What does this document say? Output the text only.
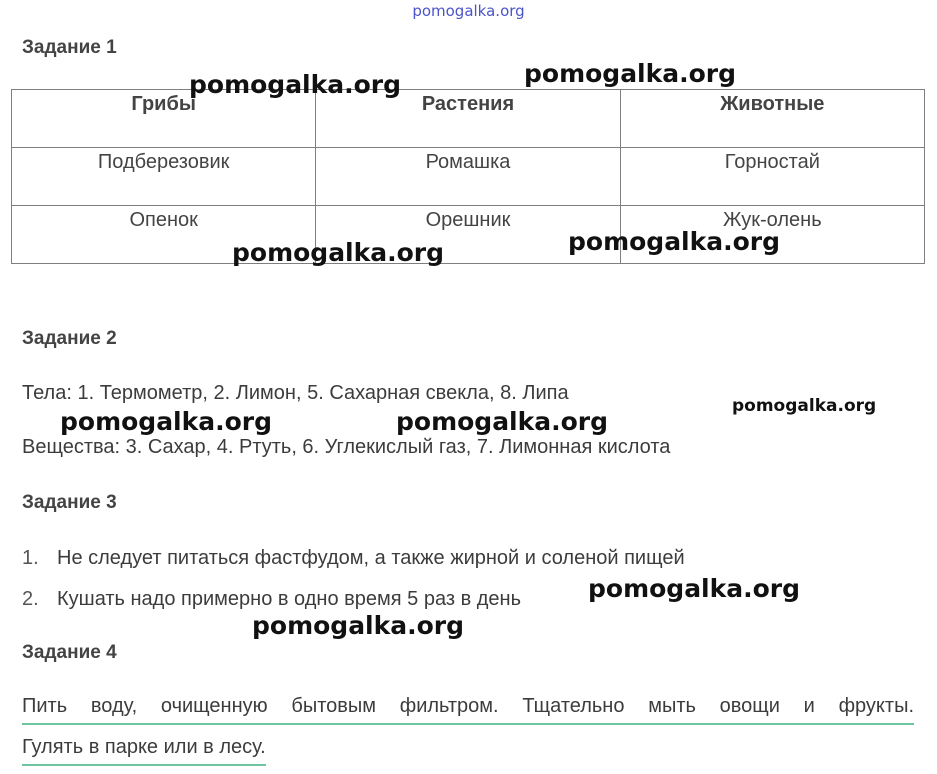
pomogalka.org
Задание 1
Грибы	Растения	Животные
Подберезовик	Ромашка	Горностай
Опенок	Орешник	Жук-олень
Задание 2
Тела: 1. Термометр, 2. Лимон, 5. Сахарная свекла, 8. Липа
Вещества: 3. Сахар, 4. Ртуть, 6. Углекислый газ, 7. Лимонная кислота
Задание 3
1. Не следует питаться фастфудом, а также жирной и соленой пищей
2. Кушать надо примерно в одно время 5 раз в день
Задание 4
Пить воду, очищенную бытовым фильтром. Тщательно мыть овощи и фрукты.
Гулять в парке или в лесу.
pomogalka.org	pomogalka.org
pomogalka.org	pomogalka.org
pomogalka.org	pomogalka.org
pomogalka.org
pomogalka.org
pomogalka.org
